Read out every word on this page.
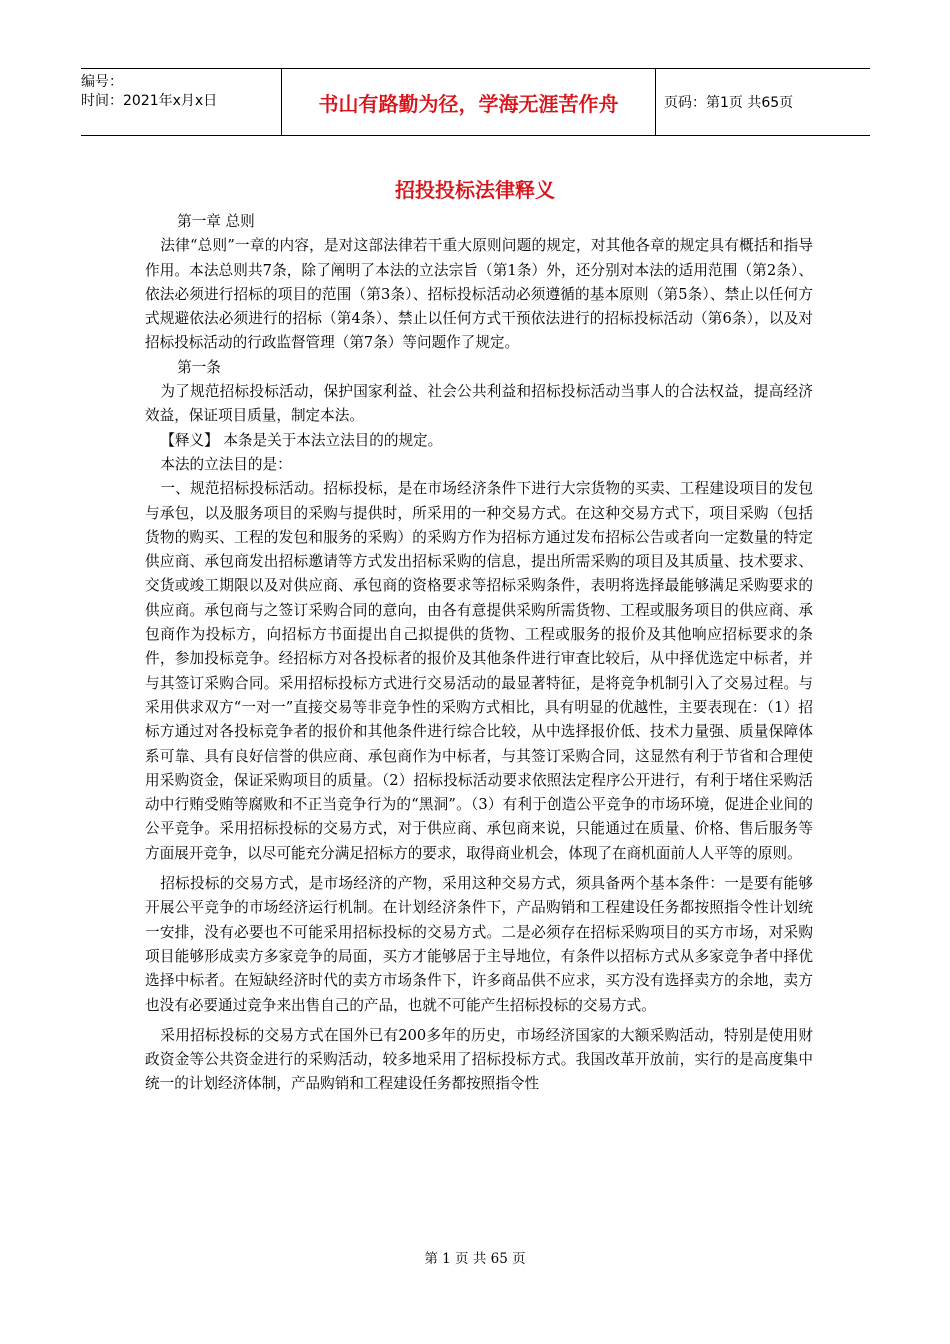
编号：
时间：2021年x月x日	书山有路勤为径，学海无涯苦作舟	页码：第1页 共65页
招投投标法律释义

第一章 总则

法律“总则”一章的内容，是对这部法律若干重大原则问题的规定，对其他各章的规定具有概括和指导作用。本法总则共7条，除了阐明了本法的立法宗旨（第1条）外，还分别对本法的适用范围（第2条）、依法必须进行招标的项目的范围（第3条）、招标投标活动必须遵循的基本原则（第5条）、禁止以任何方式规避依法必须进行的招标（第4条）、禁止以任何方式干预依法进行的招标投标活动（第6条），以及对招标投标活动的行政监督管理（第7条）等问题作了规定。

第一条

为了规范招标投标活动，保护国家利益、社会公共利益和招标投标活动当事人的合法权益，提高经济效益，保证项目质量，制定本法。

【释义】 本条是关于本法立法目的的规定。

本法的立法目的是：

一、规范招标投标活动。招标投标，是在市场经济条件下进行大宗货物的买卖、工程建设项目的发包与承包，以及服务项目的采购与提供时，所采用的一种交易方式。在这种交易方式下，项目采购（包括货物的购买、工程的发包和服务的采购）的采购方作为招标方通过发布招标公告或者向一定数量的特定供应商、承包商发出招标邀请等方式发出招标采购的信息，提出所需采购的项目及其质量、技术要求、交货或竣工期限以及对供应商、承包商的资格要求等招标采购条件，表明将选择最能够满足采购要求的供应商。承包商与之签订采购合同的意向，由各有意提供采购所需货物、工程或服务项目的供应商、承包商作为投标方，向招标方书面提出自己拟提供的货物、工程或服务的报价及其他响应招标要求的条件，参加投标竞争。经招标方对各投标者的报价及其他条件进行审查比较后，从中择优选定中标者，并与其签订采购合同。采用招标投标方式进行交易活动的最显著特征，是将竞争机制引入了交易过程。与采用供求双方“一对一”直接交易等非竞争性的采购方式相比，具有明显的优越性，主要表现在：（1）招标方通过对各投标竞争者的报价和其他条件进行综合比较，从中选择报价低、技术力量强、质量保障体系可靠、具有良好信誉的供应商、承包商作为中标者，与其签订采购合同，这显然有利于节省和合理使用采购资金，保证采购项目的质量。（2）招标投标活动要求依照法定程序公开进行，有利于堵住采购活动中行贿受贿等腐败和不正当竞争行为的“黑洞”。（3）有利于创造公平竞争的市场环境，促进企业间的公平竞争。采用招标投标的交易方式，对于供应商、承包商来说，只能通过在质量、价格、售后服务等方面展开竞争，以尽可能充分满足招标方的要求，取得商业机会，体现了在商机面前人人平等的原则。

招标投标的交易方式，是市场经济的产物，采用这种交易方式，须具备两个基本条件：一是要有能够开展公平竞争的市场经济运行机制。在计划经济条件下，产品购销和工程建设任务都按照指令性计划统一安排，没有必要也不可能采用招标投标的交易方式。二是必须存在招标采购项目的买方市场，对采购项目能够形成卖方多家竞争的局面，买方才能够居于主导地位，有条件以招标方式从多家竞争者中择优选择中标者。在短缺经济时代的卖方市场条件下，许多商品供不应求，买方没有选择卖方的余地，卖方也没有必要通过竞争来出售自己的产品，也就不可能产生招标投标的交易方式。

采用招标投标的交易方式在国外已有200多年的历史，市场经济国家的大额采购活动，特别是使用财政资金等公共资金进行的采购活动，较多地采用了招标投标方式。我国改革开放前，实行的是高度集中统一的计划经济体制，产品购销和工程建设任务都按照指令性

第 1 页 共 65 页
